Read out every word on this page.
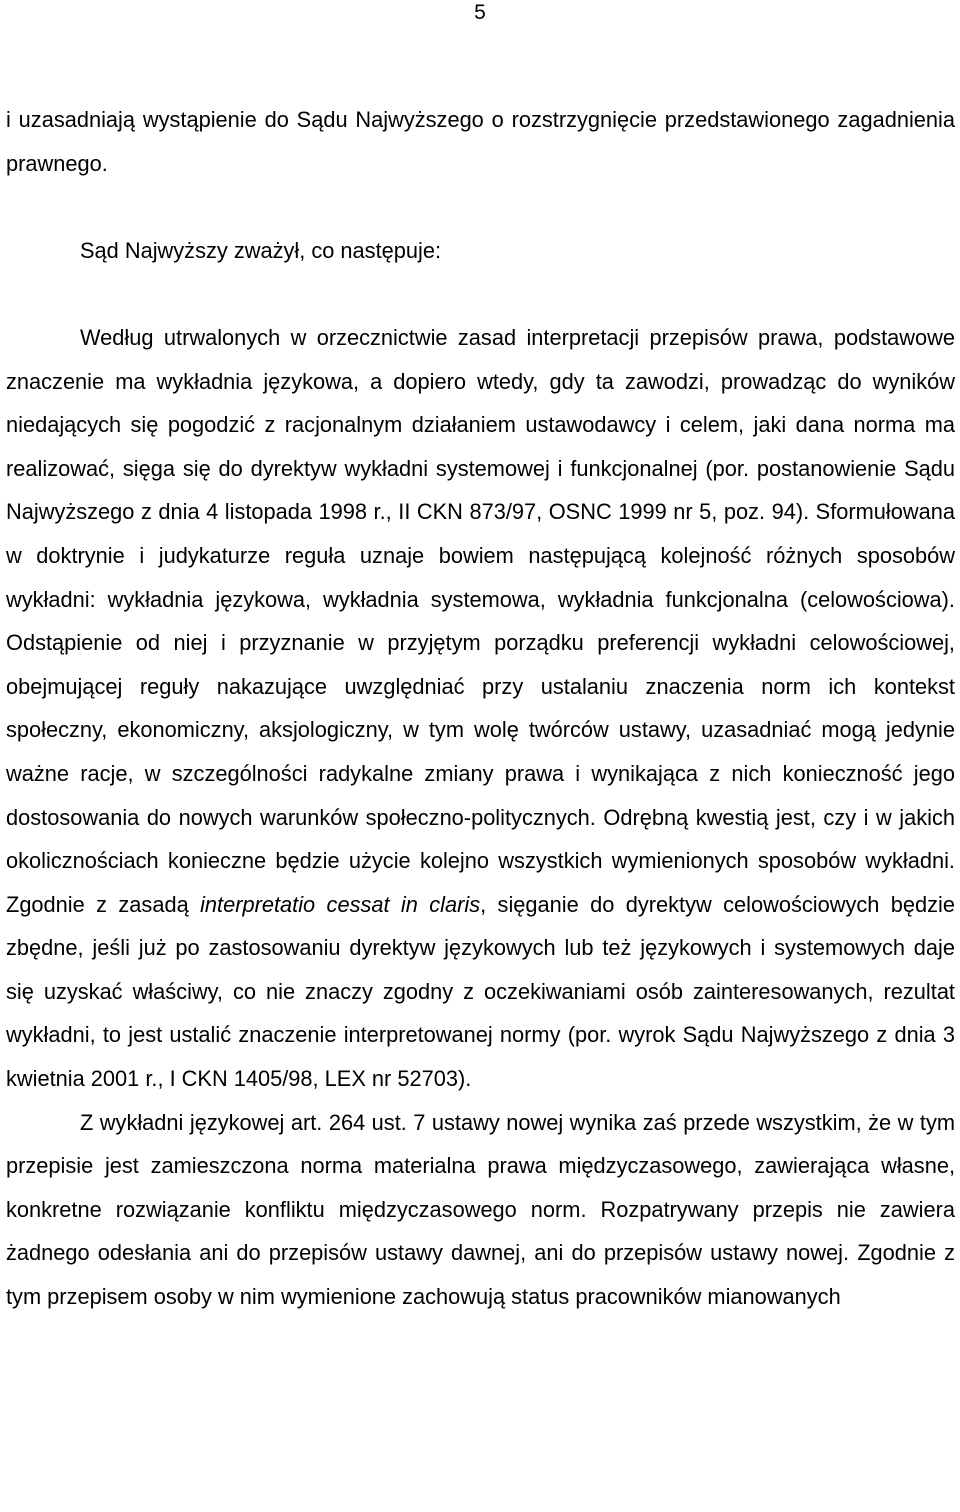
5

i uzasadniają wystąpienie do Sądu Najwyższego o rozstrzygnięcie przedstawionego zagadnienia prawnego.

Sąd Najwyższy zważył, co następuje:

Według utrwalonych w orzecznictwie zasad interpretacji przepisów prawa, podstawowe znaczenie ma wykładnia językowa, a dopiero wtedy, gdy ta zawodzi, prowadząc do wyników niedających się pogodzić z racjonalnym działaniem ustawodawcy i celem, jaki dana norma ma realizować, sięga się do dyrektyw wykładni systemowej i funkcjonalnej (por. postanowienie Sądu Najwyższego z dnia 4 listopada 1998 r., II CKN 873/97, OSNC 1999 nr 5, poz. 94). Sformułowana w doktrynie i judykaturze reguła uznaje bowiem następującą kolejność różnych sposobów wykładni: wykładnia językowa, wykładnia systemowa, wykładnia funkcjonalna (celowościowa). Odstąpienie od niej i przyznanie w przyjętym porządku preferencji wykładni celowościowej, obejmującej reguły nakazujące uwzględniać przy ustalaniu znaczenia norm ich kontekst społeczny, ekonomiczny, aksjologiczny, w tym wolę twórców ustawy, uzasadniać mogą jedynie ważne racje, w szczególności radykalne zmiany prawa i wynikająca z nich konieczność jego dostosowania do nowych warunków społeczno-politycznych. Odrębną kwestią jest, czy i w jakich okolicznościach konieczne będzie użycie kolejno wszystkich wymienionych sposobów wykładni. Zgodnie z zasadą interpretatio cessat in claris, sięganie do dyrektyw celowościowych będzie zbędne, jeśli już po zastosowaniu dyrektyw językowych lub też językowych i systemowych daje się uzyskać właściwy, co nie znaczy zgodny z oczekiwaniami osób zainteresowanych, rezultat wykładni, to jest ustalić znaczenie interpretowanej normy (por. wyrok Sądu Najwyższego z dnia 3 kwietnia 2001 r., I CKN 1405/98, LEX nr 52703).

Z wykładni językowej art. 264 ust. 7 ustawy nowej wynika zaś przede wszystkim, że w tym przepisie jest zamieszczona norma materialna prawa międzyczasowego, zawierająca własne, konkretne rozwiązanie konfliktu międzyczasowego norm. Rozpatrywany przepis nie zawiera żadnego odesłania ani do przepisów ustawy dawnej, ani do przepisów ustawy nowej. Zgodnie z tym przepisem osoby w nim wymienione zachowują status pracowników mianowanych
